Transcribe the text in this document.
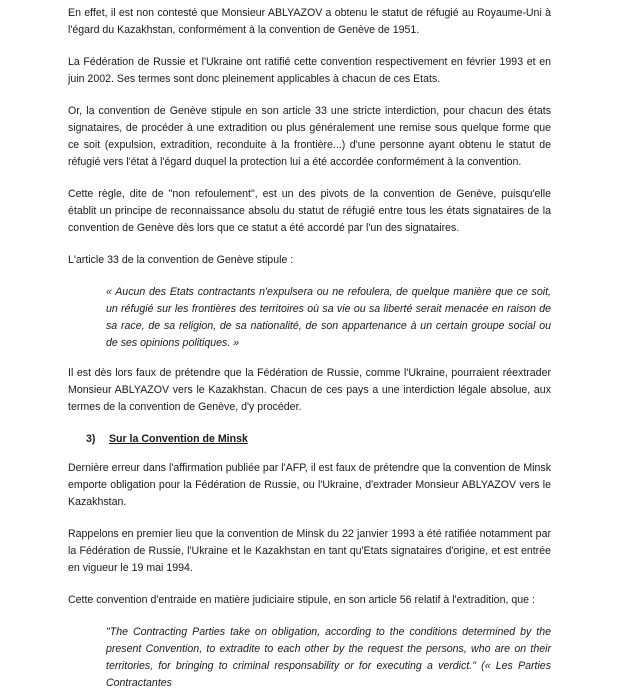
En effet, il est non contesté que Monsieur ABLYAZOV a obtenu le statut de réfugié au Royaume-Uni à l'égard du Kazakhstan, conformément à la convention de Genève de 1951.

La Fédération de Russie et l'Ukraine ont ratifié cette convention respectivement en février 1993 et en juin 2002. Ses termes sont donc pleinement applicables à chacun de ces Etats.

Or, la convention de Genève stipule en son article 33 une stricte interdiction, pour chacun des états signataires, de procéder à une extradition ou plus généralement une remise sous quelque forme que ce soit (expulsion, extradition, reconduite à la frontière...) d'une personne ayant obtenu le statut de réfugié vers l'état à l'égard duquel la protection lui a été accordée conformément à la convention.

Cette règle, dite de "non refoulement", est un des pivots de la convention de Genève, puisqu'elle établit un principe de reconnaissance absolu du statut de réfugié entre tous les états signataires de la convention de Genève dès lors que ce statut a été accordé par l'un des signataires.

L'article 33 de la convention de Genève stipule :

« Aucun des Etats contractants n'expulsera ou ne refoulera, de quelque manière que ce soit, un réfugié sur les frontières des territoires où sa vie ou sa liberté serait menacée en raison de sa race, de sa religion, de sa nationalité, de son appartenance à un certain groupe social ou de ses opinions politiques. »

Il est dès lors faux de prétendre que la Fédération de Russie, comme l'Ukraine, pourraient réextrader Monsieur ABLYAZOV vers le Kazakhstan. Chacun de ces pays a une interdiction légale absolue, aux termes de la convention de Genève, d'y procéder.

3) Sur la Convention de Minsk

Dernière erreur dans l'affirmation publiée par l'AFP, il est faux de prétendre que la convention de Minsk emporte obligation pour la Fédération de Russie, ou l'Ukraine, d'extrader Monsieur ABLYAZOV vers le Kazakhstan.

Rappelons en premier lieu que la convention de Minsk du 22 janvier 1993 a été ratifiée notamment par la Fédération de Russie, l'Ukraine et le Kazakhstan en tant qu'Etats signataires d'origine, et est entrée en vigueur le 19 mai 1994.

Cette convention d'entraide en matière judiciaire stipule, en son article 56 relatif à l'extradition, que :

"The Contracting Parties take on obligation, according to the conditions determined by the present Convention, to extradite to each other by the request the persons, who are on their territories, for bringing to criminal responsability or for executing a verdict." (« Les Parties Contractantes
